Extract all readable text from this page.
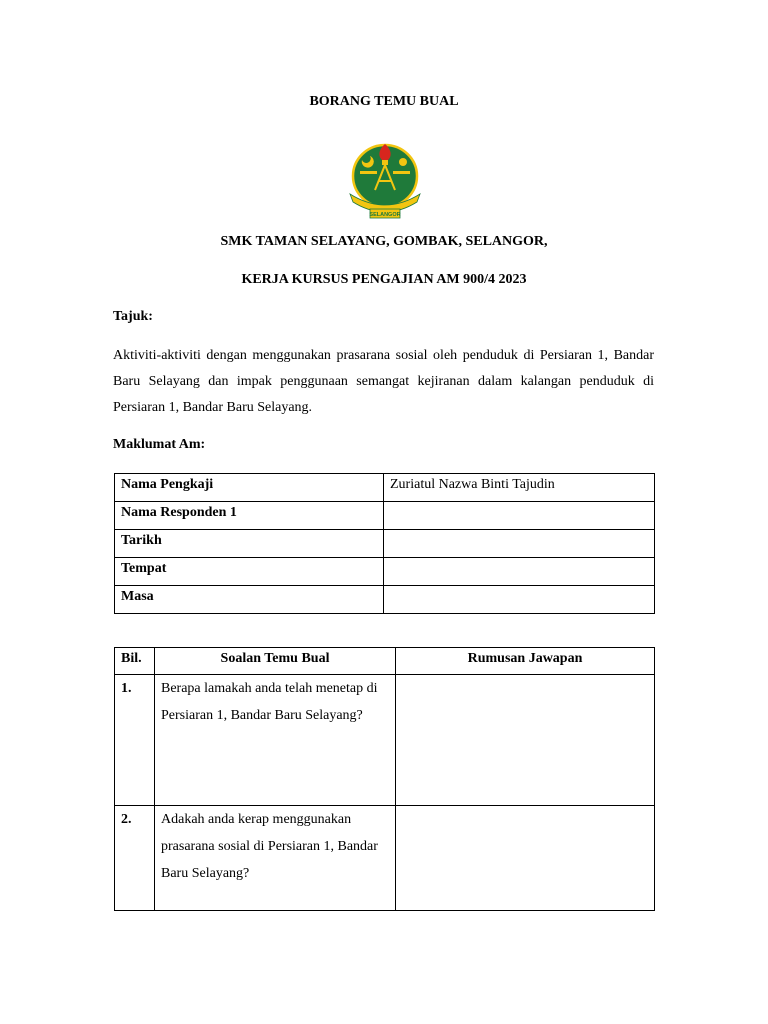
BORANG TEMU BUAL
SELANGOR
SMK TAMAN SELAYANG, GOMBAK, SELANGOR,
KERJA KURSUS PENGAJIAN AM 900/4 2023
Tajuk:
Aktiviti-aktiviti dengan menggunakan prasarana sosial oleh penduduk di Persiaran 1, Bandar Baru Selayang dan impak penggunaan semangat kejiranan dalam kalangan penduduk di Persiaran 1, Bandar Baru Selayang.
Maklumat Am:
Nama Pengkaji	Zuriatul Nazwa Binti Tajudin
Nama Responden 1	
Tarikh	
Tempat	
Masa	
Bil.	Soalan Temu Bual	Rumusan Jawapan
1.	Berapa lamakah anda telah menetap di Persiaran 1, Bandar Baru Selayang?	
2.	Adakah anda kerap menggunakan prasarana sosial di Persiaran 1, Bandar Baru Selayang?	
